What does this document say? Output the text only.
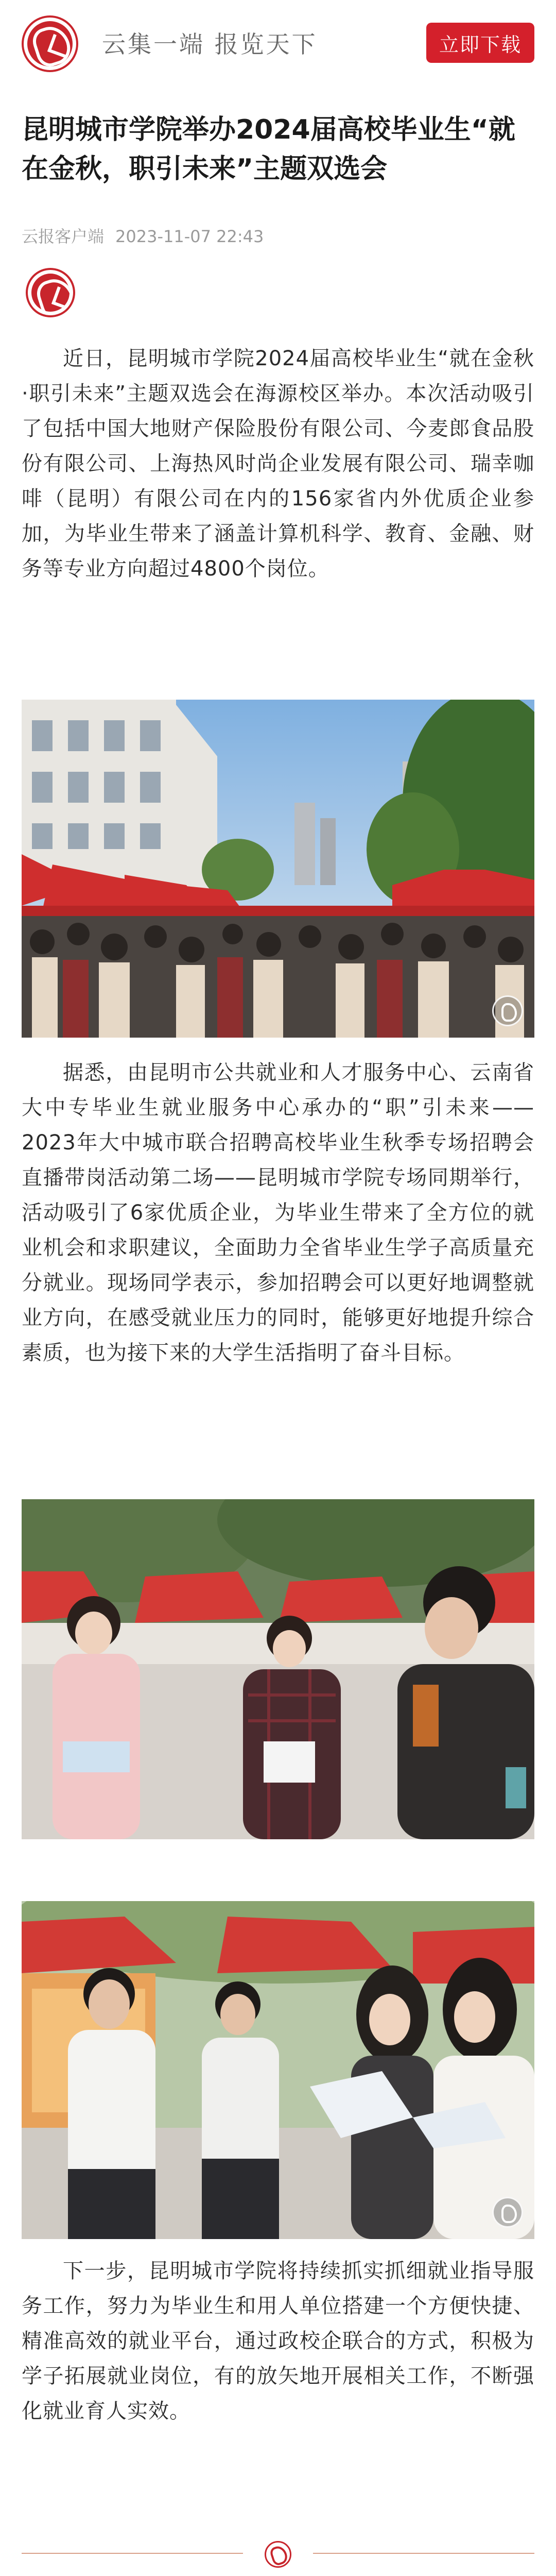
云集一端 报览天下	立即下载
昆明城市学院举办2024届高校毕业生“就在金秋，职引未来”主题双选会
云报客户端 2023-11-07 22:43

近日，昆明城市学院2024届高校毕业生“就在金秋·职引未来”主题双选会在海源校区举办。本次活动吸引了包括中国大地财产保险股份有限公司、今麦郎食品股份有限公司、上海热风时尚企业发展有限公司、瑞幸咖啡（昆明）有限公司在内的156家省内外优质企业参加，为毕业生带来了涵盖计算机科学、教育、金融、财务等专业方向超过4800个岗位。

据悉，由昆明市公共就业和人才服务中心、云南省大中专毕业生就业服务中心承办的“职”引未来——2023年大中城市联合招聘高校毕业生秋季专场招聘会直播带岗活动第二场——昆明城市学院专场同期举行，活动吸引了6家优质企业，为毕业生带来了全方位的就业机会和求职建议，全面助力全省毕业生学子高质量充分就业。现场同学表示，参加招聘会可以更好地调整就业方向，在感受就业压力的同时，能够更好地提升综合素质，也为接下来的大学生活指明了奋斗目标。

下一步，昆明城市学院将持续抓实抓细就业指导服务工作，努力为毕业生和用人单位搭建一个方便快捷、精准高效的就业平台，通过政校企联合的方式，积极为学子拓展就业岗位，有的放矢地开展相关工作，不断强化就业育人实效。
